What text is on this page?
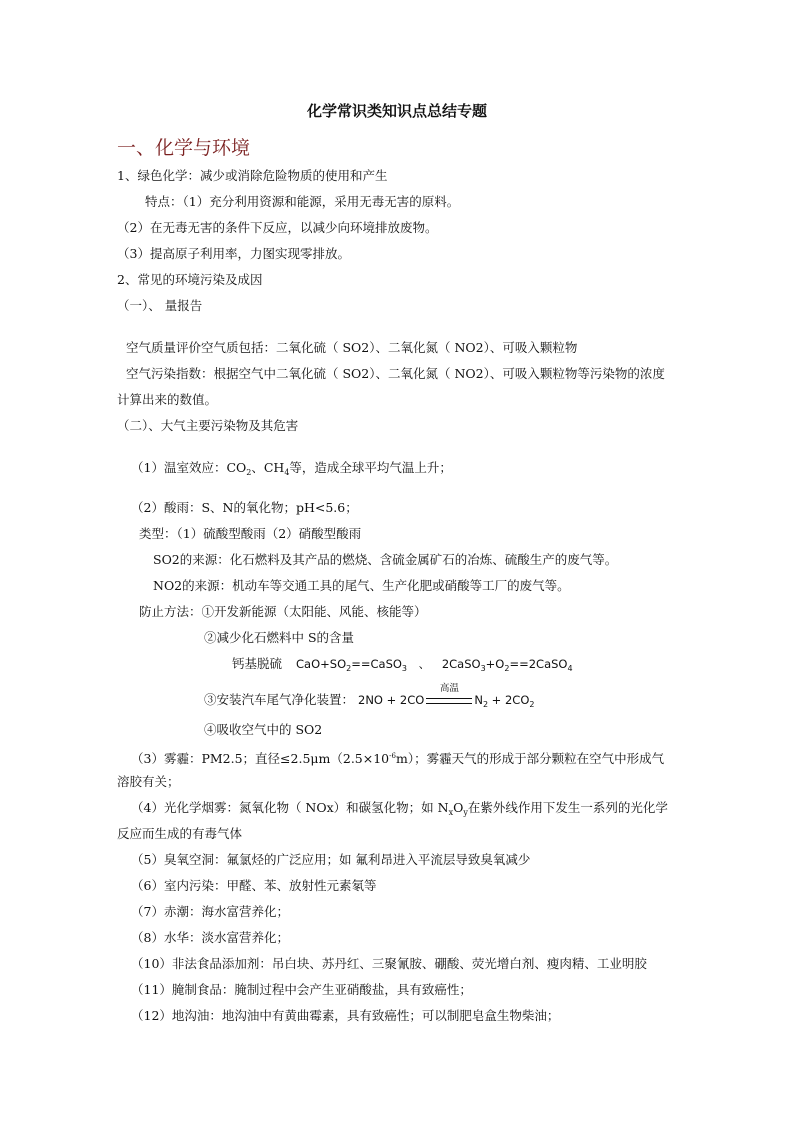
化学常识类知识点总结专题
一、化学与环境
1、绿色化学：减少或消除危险物质的使用和产生
特点：（1）充分利用资源和能源，采用无毒无害的原料。
（2）在无毒无害的条件下反应，以减少向环境排放废物。
（3）提高原子利用率，力图实现零排放。
2、常见的环境污染及成因
（一）、 量报告
空气质量评价空气质包括：二氧化硫（ SO2）、二氧化氮（ NO2）、可吸入颗粒物
空气污染指数：根据空气中二氧化硫（ SO2）、二氧化氮（ NO2）、可吸入颗粒物等污染物的浓度
计算出来的数值。
（二）、大气主要污染物及其危害
（1）温室效应：$CO_2$、$CH_4$等，造成全球平均气温上升；
（2）酸雨：S、N的氧化物；pH<5.6；
类型：（1）硫酸型酸雨（2）硝酸型酸雨
SO2的来源：化石燃料及其产品的燃烧、含硫金属矿石的冶炼、硫酸生产的废气等。
NO2的来源：机动车等交通工具的尾气、生产化肥或硝酸等工厂的废气等。
防止方法：①开发新能源（太阳能、风能、核能等）
②减少化石燃料中 S的含量
钙基脱硫 $CaO+SO_2==CaSO_3$ 、 $2CaSO_3+O_2==2CaSO_4$
③安装汽车尾气净化装置： 2NO + 2CO
高温
$N_2 + 2CO_2$
④吸收空气中的 SO2
（3）雾霾：PM2.5；直径$\le 2.5\mu m(2.5\times 10^{-6}m)$；雾霾天气的形成于部分颗粒在空气中形成气
溶胶有关；
（4）光化学烟雾：氮氧化物（ NOx）和碳氢化物；如 $N_xO_y$在紫外线作用下发生一系列的光化学
反应而生成的有毒气体
（5）臭氧空洞：氟氯烃的广泛应用；如 氟利昂进入平流层导致臭氧减少
（6）室内污染：甲醛、苯、放射性元素氡等
（7）赤潮：海水富营养化；
（8）水华：淡水富营养化；
（10）非法食品添加剂：吊白块、苏丹红、三聚氰胺、硼酸、荧光增白剂、瘦肉精、工业明胶
（11）腌制食品：腌制过程中会产生亚硝酸盐，具有致癌性；
（12）地沟油：地沟油中有黄曲霉素，具有致癌性；可以制肥皂盒生物柴油；
